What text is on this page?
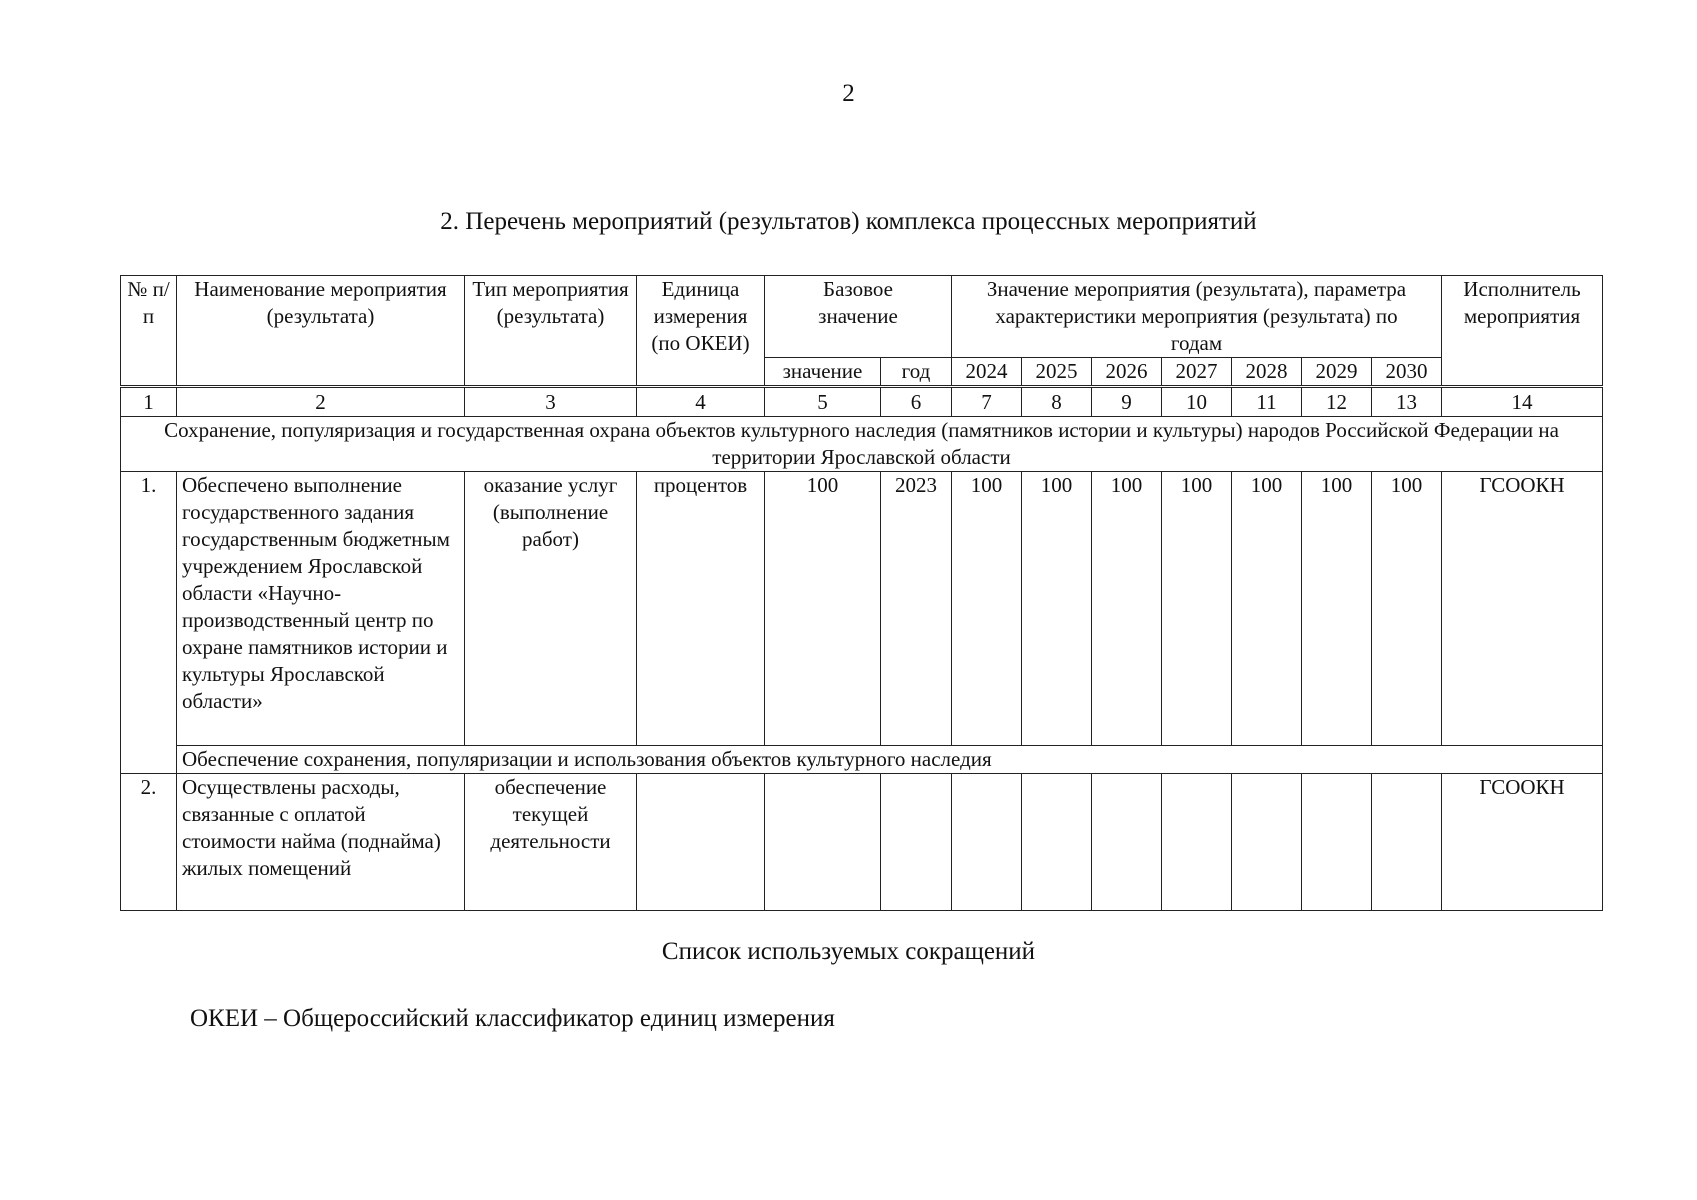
2
2. Перечень мероприятий (результатов) комплекса процессных мероприятий
№ п/п	Наименование мероприятия (результата)	Тип мероприятия (результата)	Единица измерения (по ОКЕИ)	Базовое значение		Значение мероприятия (результата), параметра характеристики мероприятия (результата) по годам							Исполнитель мероприятия
				значение	год	2024	2025	2026	2027	2028	2029	2030	
1	2	3	4	5	6	7	8	9	10	11	12	13	14
Сохранение, популяризация и государственная охрана объектов культурного наследия (памятников истории и культуры) народов Российской Федерации на территории Ярославской области													
1.	Обеспечено выполнение государственного задания государственным бюджетным учреждением Ярославской области «Научно-производственный центр по охране памятников истории и культуры Ярославской области»	оказание услуг (выполнение работ)	процентов	100	2023	100	100	100	100	100	100	100	ГСООКН
	Обеспечение сохранения, популяризации и использования объектов культурного наследия												
2.	Осуществлены расходы, связанные с оплатой стоимости найма (поднайма) жилых помещений	обеспечение текущей деятельности											ГСООКН
Список используемых сокращений
ОКЕИ – Общероссийский классификатор единиц измерения
